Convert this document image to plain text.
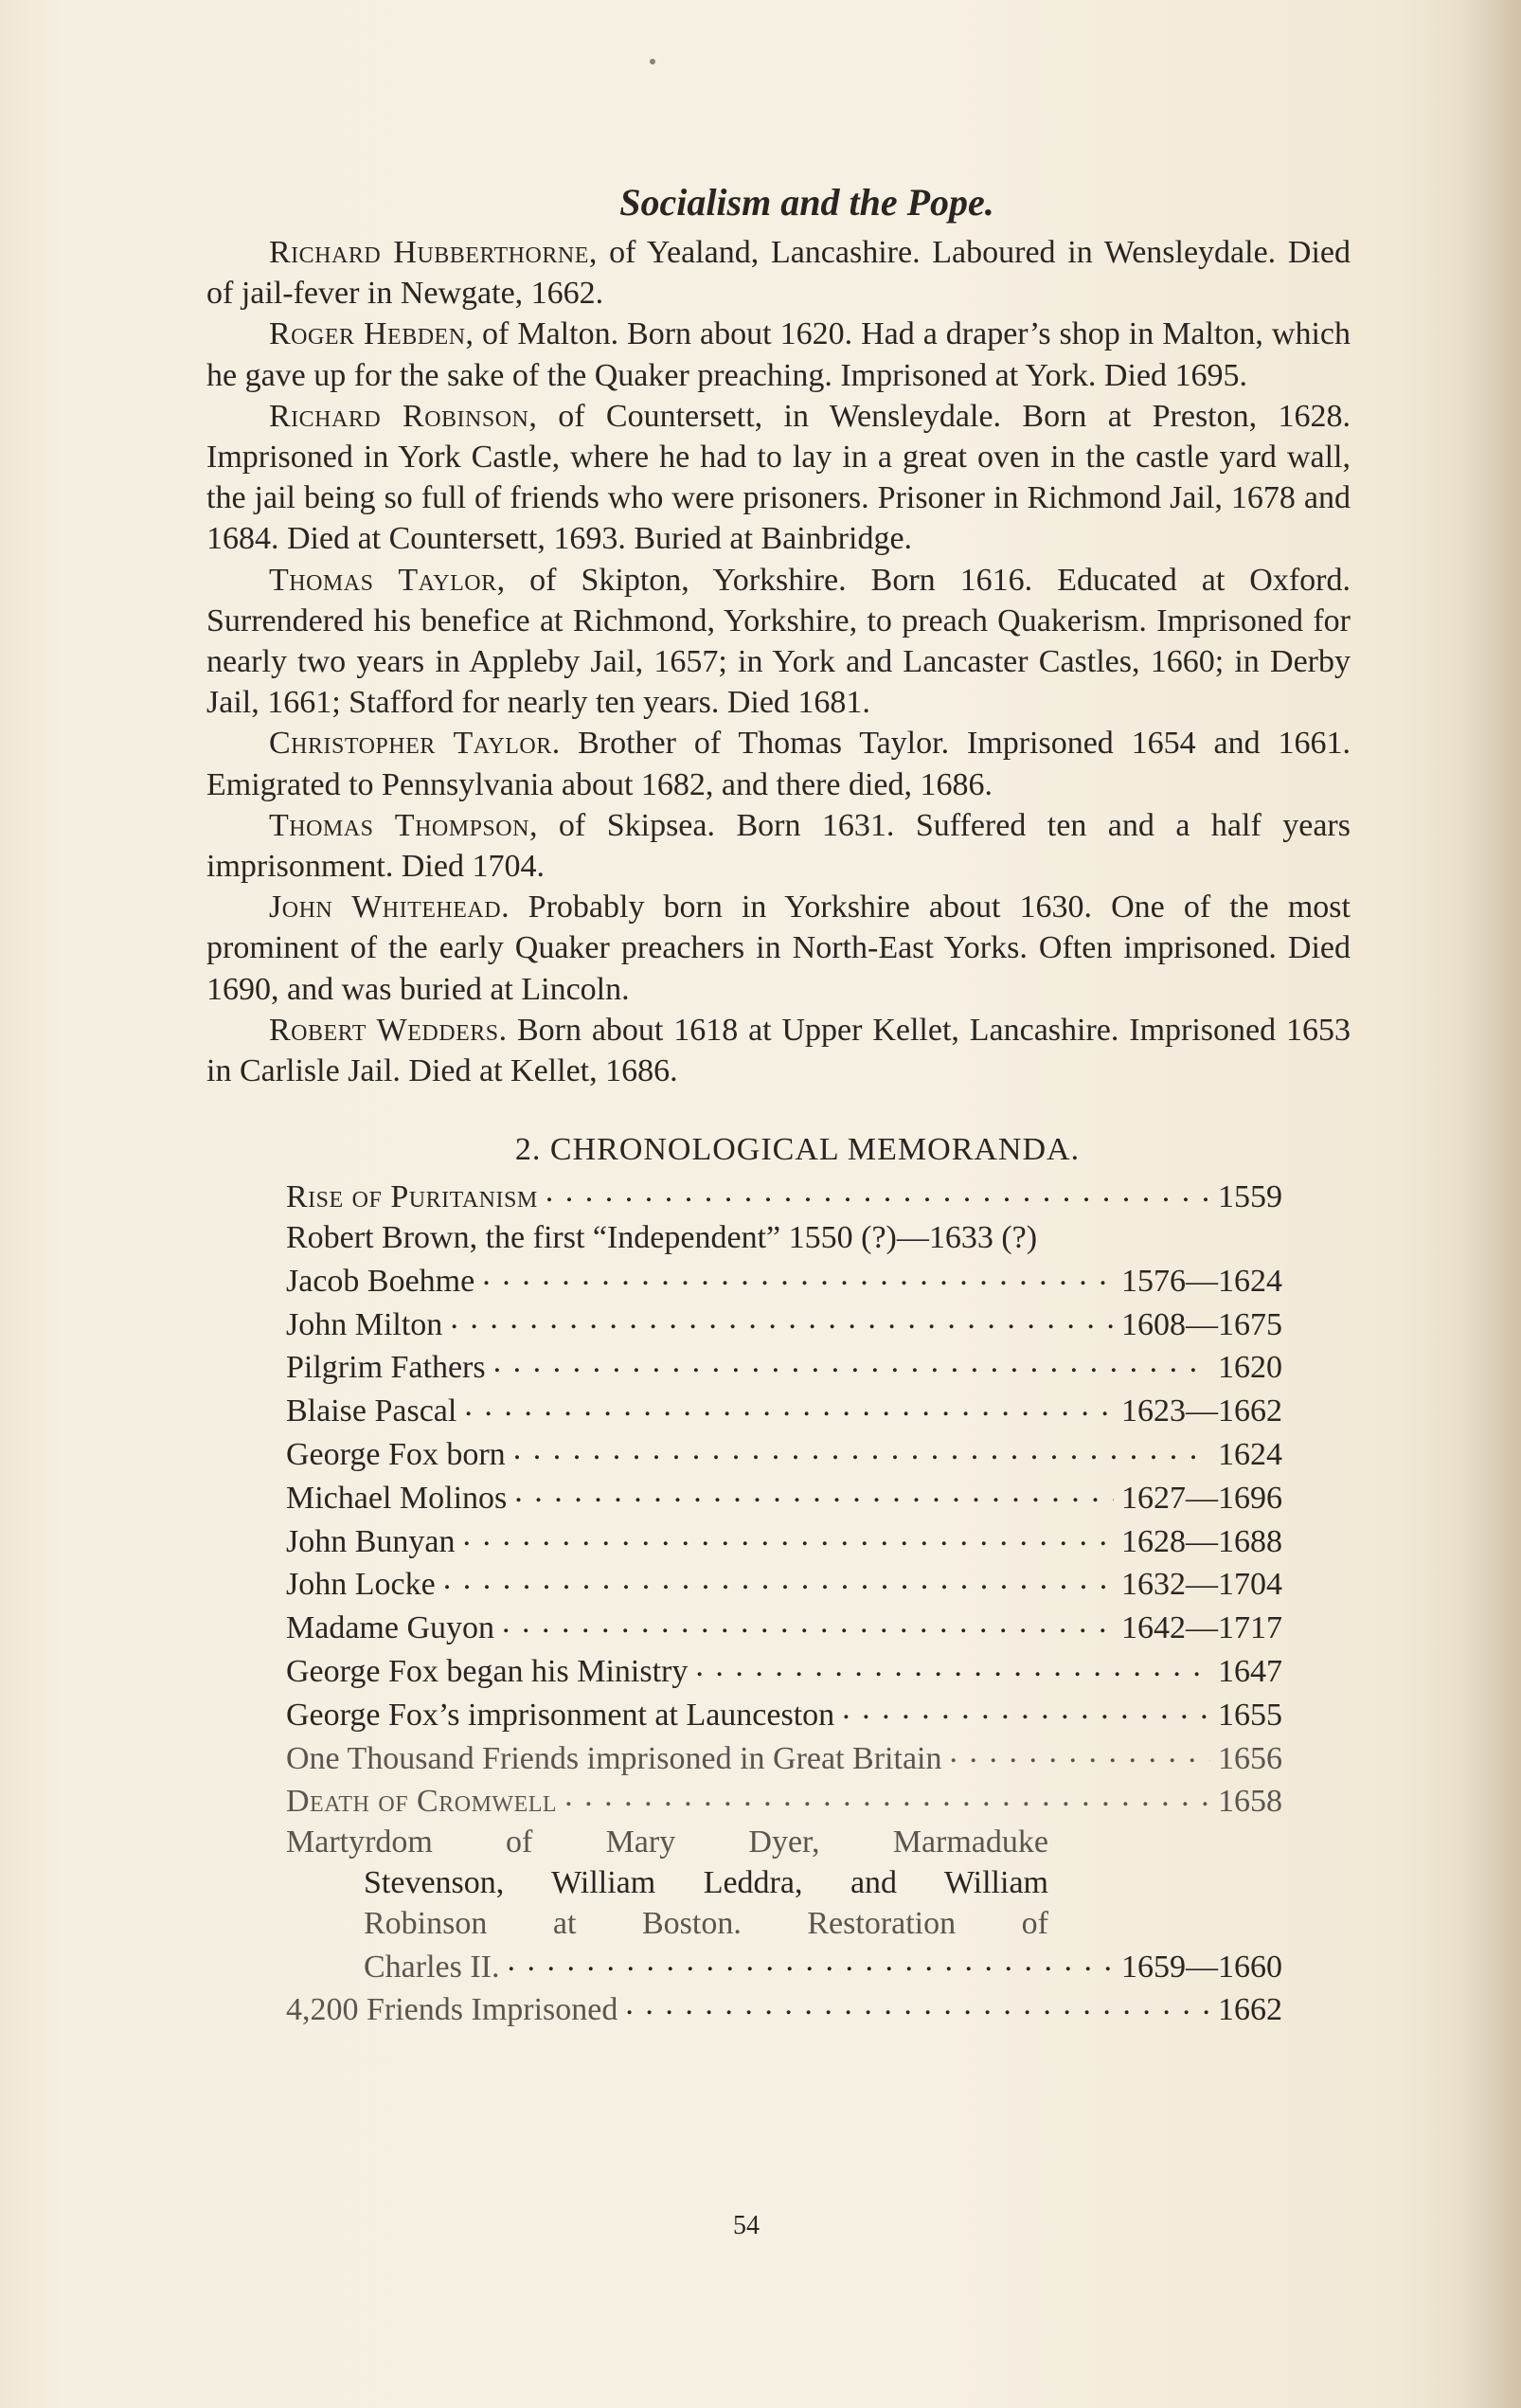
Socialism and the Pope.

Richard Hubberthorne, of Yealand, Lancashire. Laboured in Wensleydale. Died of jail-fever in Newgate, 1662.

Roger Hebden, of Malton. Born about 1620. Had a draper’s shop in Malton, which he gave up for the sake of the Quaker preaching. Imprisoned at York. Died 1695.

Richard Robinson, of Countersett, in Wensleydale. Born at Preston, 1628. Imprisoned in York Castle, where he had to lay in a great oven in the castle yard wall, the jail being so full of friends who were prisoners. Prisoner in Richmond Jail, 1678 and 1684. Died at Countersett, 1693. Buried at Bainbridge.

Thomas Taylor, of Skipton, Yorkshire. Born 1616. Educated at Oxford. Surrendered his benefice at Richmond, Yorkshire, to preach Quakerism. Imprisoned for nearly two years in Appleby Jail, 1657; in York and Lancaster Castles, 1660; in Derby Jail, 1661; Stafford for nearly ten years. Died 1681.

Christopher Taylor. Brother of Thomas Taylor. Imprisoned 1654 and 1661. Emigrated to Pennsylvania about 1682, and there died, 1686.

Thomas Thompson, of Skipsea. Born 1631. Suffered ten and a half years imprisonment. Died 1704.

John Whitehead. Probably born in Yorkshire about 1630. One of the most prominent of the early Quaker preachers in North-East Yorks. Often imprisoned. Died 1690, and was buried at Lincoln.

Robert Wedders. Born about 1618 at Upper Kellet, Lancashire. Imprisoned 1653 in Carlisle Jail. Died at Kellet, 1686.

2. CHRONOLOGICAL MEMORANDA.
Rise of Puritanism . . .	1559
Robert Brown, the first “Independent” 1550 (?)—1633 (?)
Jacob Boehme . . .	1576—1624
John Milton . . .	1608—1675
Pilgrim Fathers . . .	1620
Blaise Pascal . . .	1623—1662
George Fox born . . .	1624
Michael Molinos . . .	1627—1696
John Bunyan . . .	1628—1688
John Locke . . .	1632—1704
Madame Guyon . . .	1642—1717
George Fox began his Ministry . . .	1647
George Fox’s imprisonment at Launceston . . .	1655
One Thousand Friends imprisoned in Great Britain . . .	1656
Death of Cromwell . . .	1658
Martyrdom of Mary Dyer, Marmaduke
Stevenson, William Leddra, and William
Robinson at Boston. Restoration of
Charles II. . . .	1659—1660
4,200 Friends Imprisoned . . .	1662
54
